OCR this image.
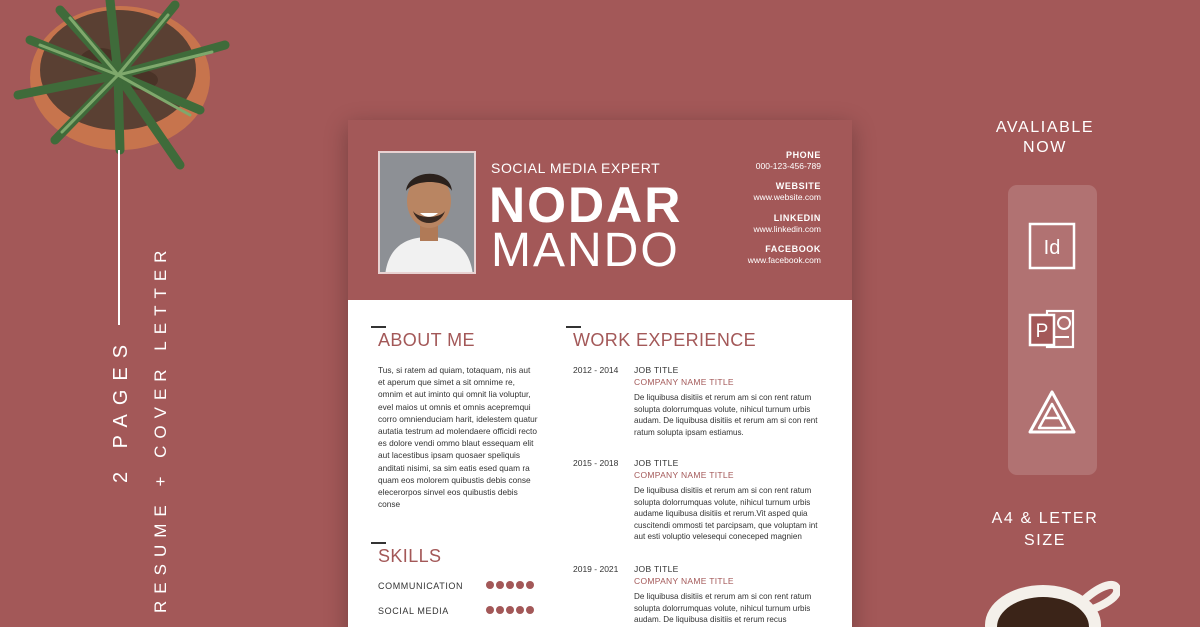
2 PAGES RESUME + COVER LETTER
SOCIAL MEDIA EXPERT
NODAR
MANDO
PHONE
000-123-456-789
WEBSITE
www.website.com
LINKEDIN
www.linkedin.com
FACEBOOK
www.facebook.com
ABOUT ME
Tus, si ratem ad quiam, totaquam, nis aut et aperum que simet a sit omnime re, omnim et aut iminto qui omnit lia voluptur, evel maios ut omnis et omnis acepremqui corro omnienduciam harit, idelestem quatur autatia testrum ad molendaere officidi recto es dolore vendi ommo blaut essequam elit aut lacestibus ipsam quosaer speliquis anditati nisimi, sa sim eatis esed quam ra quam eos molorem quibustis debis conse elecerorpos sinvel eos quibustis debis conse
SKILLS
COMMUNICATION
SOCIAL MEDIA
WORK EXPERIENCE
2012 - 2014 JOB TITLE
COMPANY NAME TITLE
De liquibusa disitiis et rerum am si con rent ratum solupta dolorrumquas volute, nihicul turnum urbis audam. De liquibusa disitiis et rerum am si con rent ratum solupta ipsam estiamus.
2015 - 2018 JOB TITLE
COMPANY NAME TITLE
De liquibusa disitiis et rerum am si con rent ratum solupta dolorrumquas volute, nihicul turnum urbis audame liquibusa disitiis et rerum.Vit asped quia cuscitendi ommosti tet parcipsam, que voluptam int aut esti voluptio velesequi coneceped magnien
2019 - 2021 JOB TITLE
COMPANY NAME TITLE
De liquibusa disitiis et rerum am si con rent ratum solupta dolorrumquas volute, nihicul turnum urbis audam. De liquibusa disitiis et rerum recus
AVALIABLE
NOW
Id
P
A4 & LETER
SIZE
